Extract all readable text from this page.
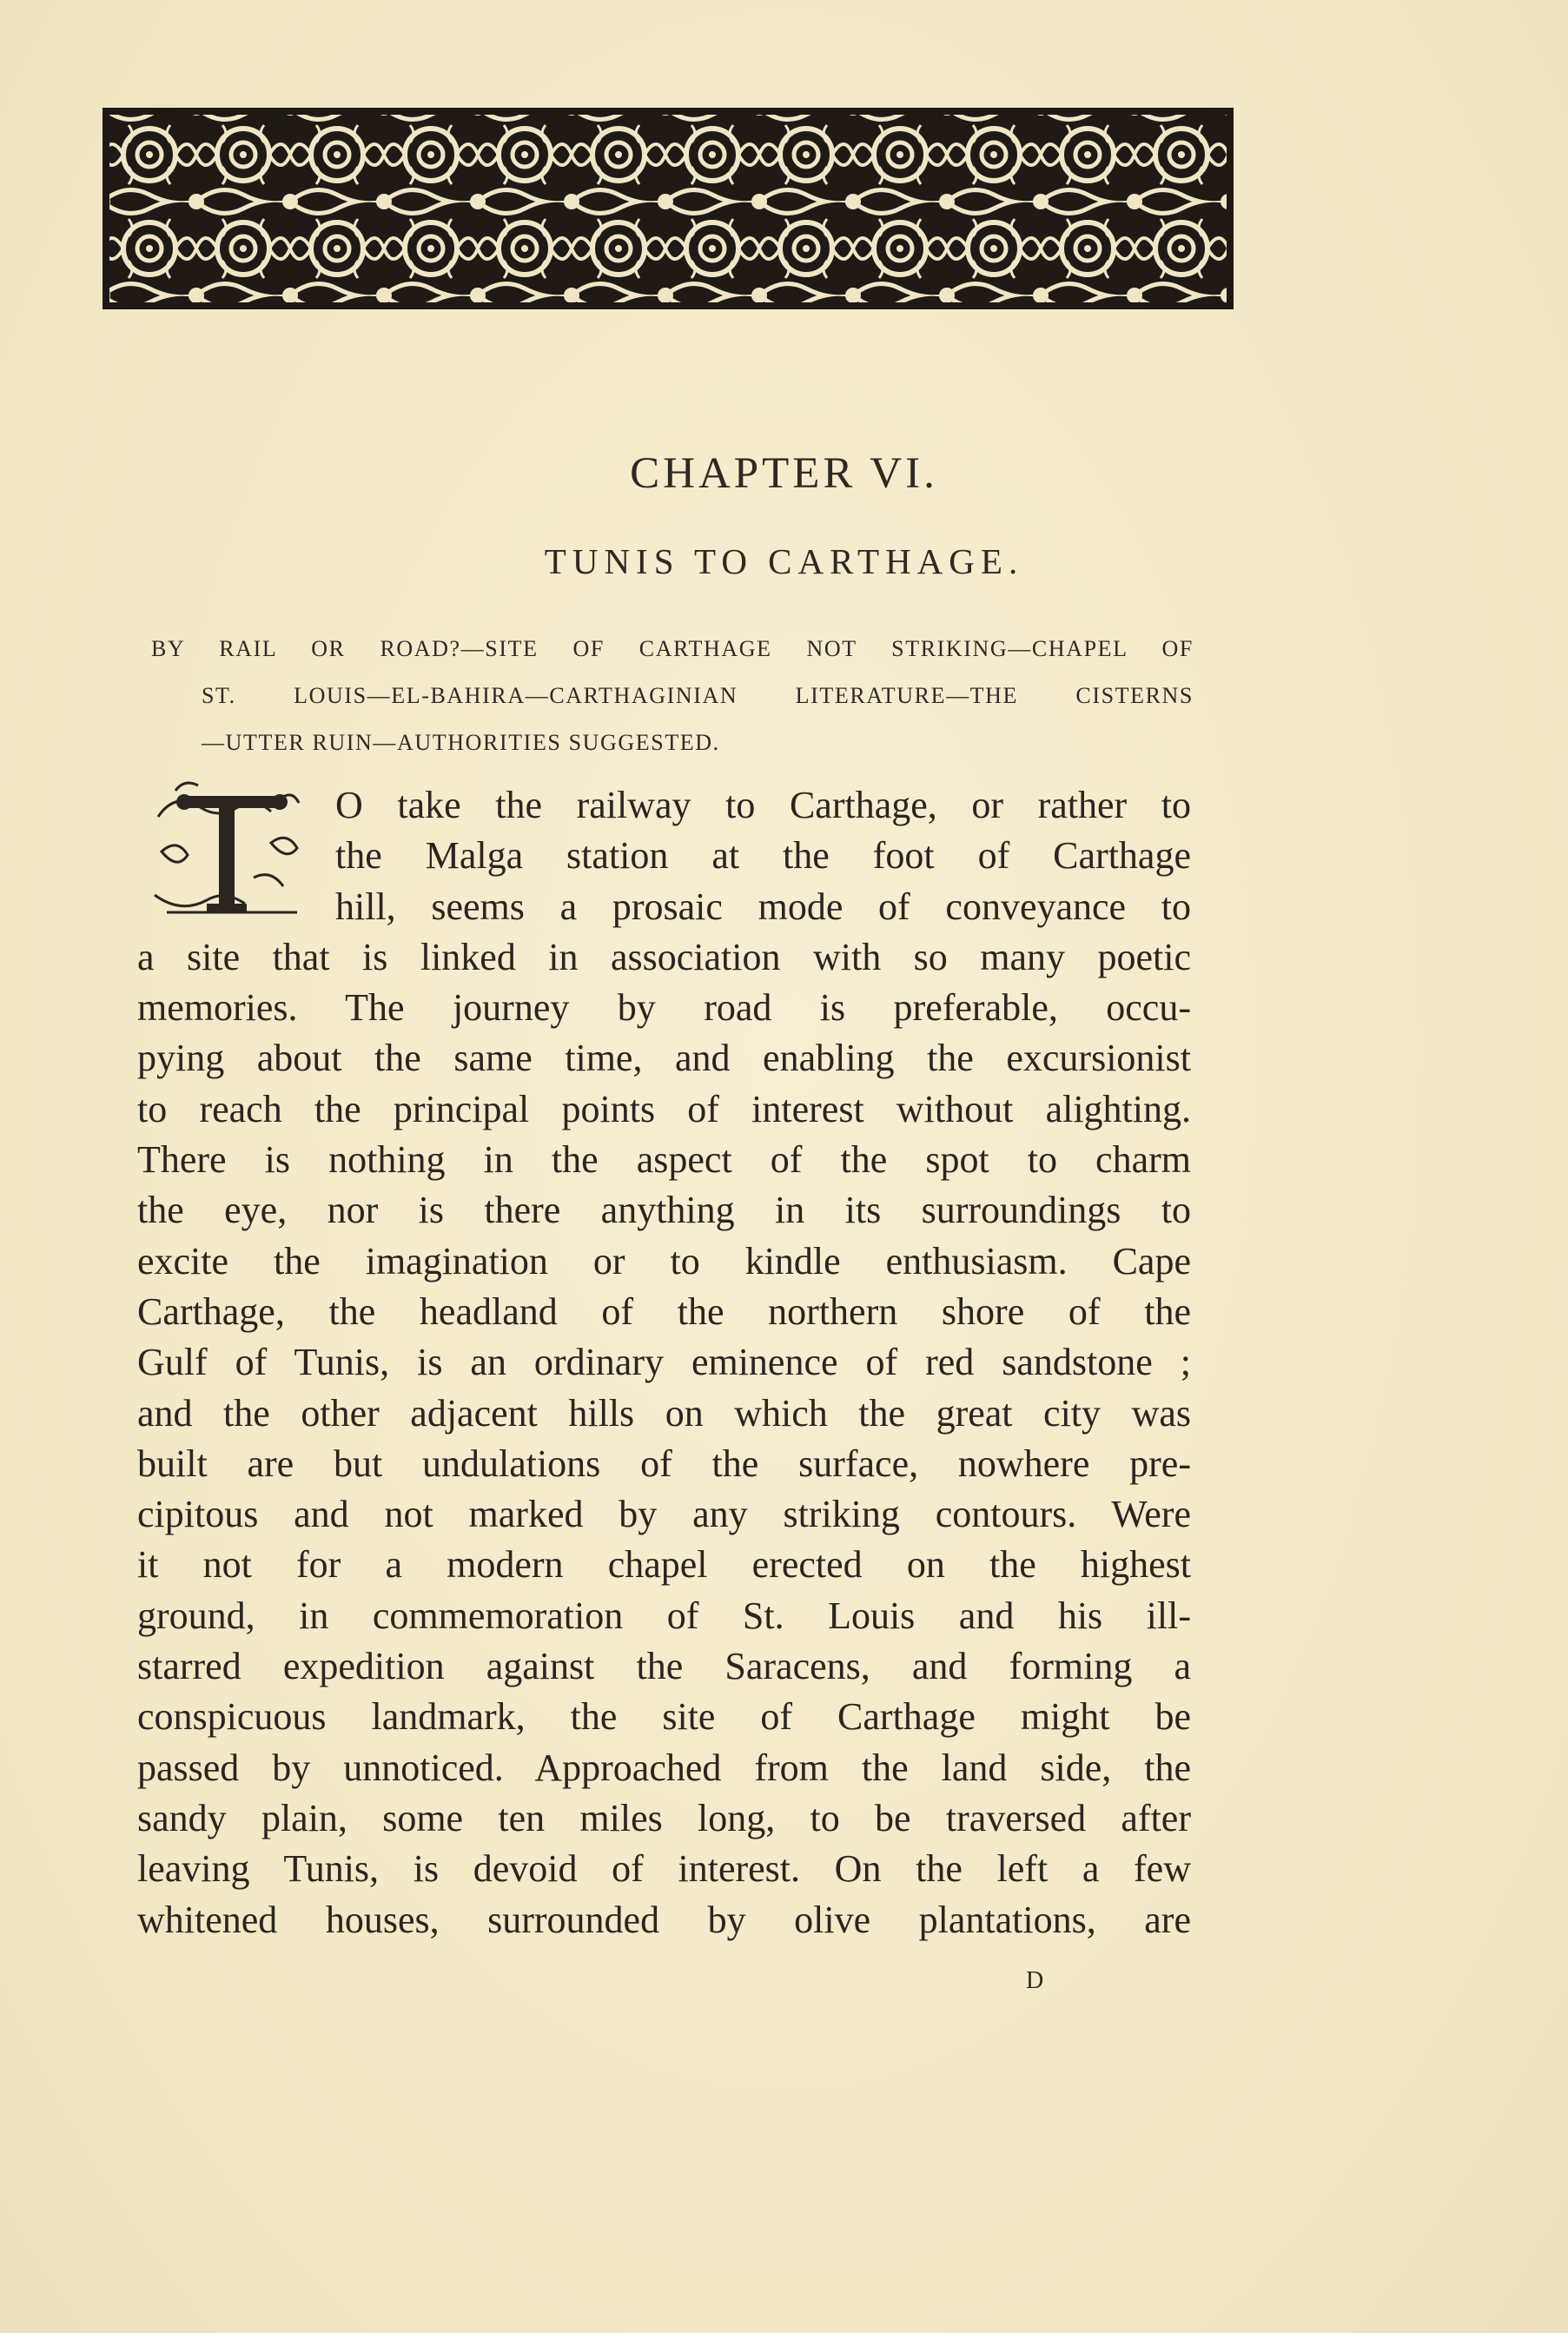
CHAPTER VI.
TUNIS TO CARTHAGE.
BY RAIL OR ROAD?—SITE OF CARTHAGE NOT STRIKING—CHAPEL OF
ST. LOUIS—EL-BAHIRA—CARTHAGINIAN LITERATURE—THE CISTERNS
—UTTER RUIN—AUTHORITIES SUGGESTED.
O take the railway to Carthage, or rather to
the Malga station at the foot of Carthage
hill, seems a prosaic mode of conveyance to
a site that is linked in association with so many poetic
memories. The journey by road is preferable, occu-
pying about the same time, and enabling the excursionist
to reach the principal points of interest without alighting.
There is nothing in the aspect of the spot to charm
the eye, nor is there anything in its surroundings to
excite the imagination or to kindle enthusiasm. Cape
Carthage, the headland of the northern shore of the
Gulf of Tunis, is an ordinary eminence of red sandstone ;
and the other adjacent hills on which the great city was
built are but undulations of the surface, nowhere pre-
cipitous and not marked by any striking contours. Were
it not for a modern chapel erected on the highest
ground, in commemoration of St. Louis and his ill-
starred expedition against the Saracens, and forming a
conspicuous landmark, the site of Carthage might be
passed by unnoticed. Approached from the land side, the
sandy plain, some ten miles long, to be traversed after
leaving Tunis, is devoid of interest. On the left a few
whitened houses, surrounded by olive plantations, are
D
